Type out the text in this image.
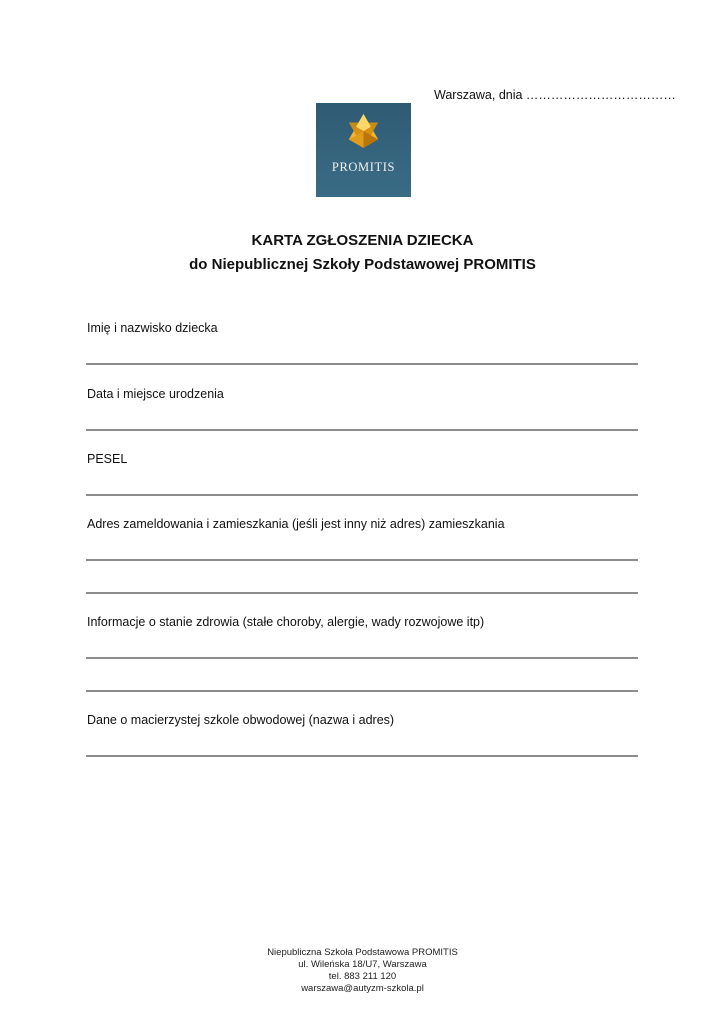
Warszawa, dnia ………………………………
PROMITIS
KARTA ZGŁOSZENIA DZIECKA
do Niepublicznej Szkoły Podstawowej PROMITIS
Imię i nazwisko dziecka
Data i miejsce urodzenia
PESEL
Adres zameldowania i zamieszkania (jeśli jest inny niż adres) zamieszkania
Informacje o stanie zdrowia (stałe choroby, alergie, wady rozwojowe itp)
Dane o macierzystej szkole obwodowej (nazwa i adres)
Niepubliczna Szkoła Podstawowa PROMITIS
ul. Wileńska 18/U7, Warszawa
tel. 883 211 120
warszawa@autyzm-szkola.pl
